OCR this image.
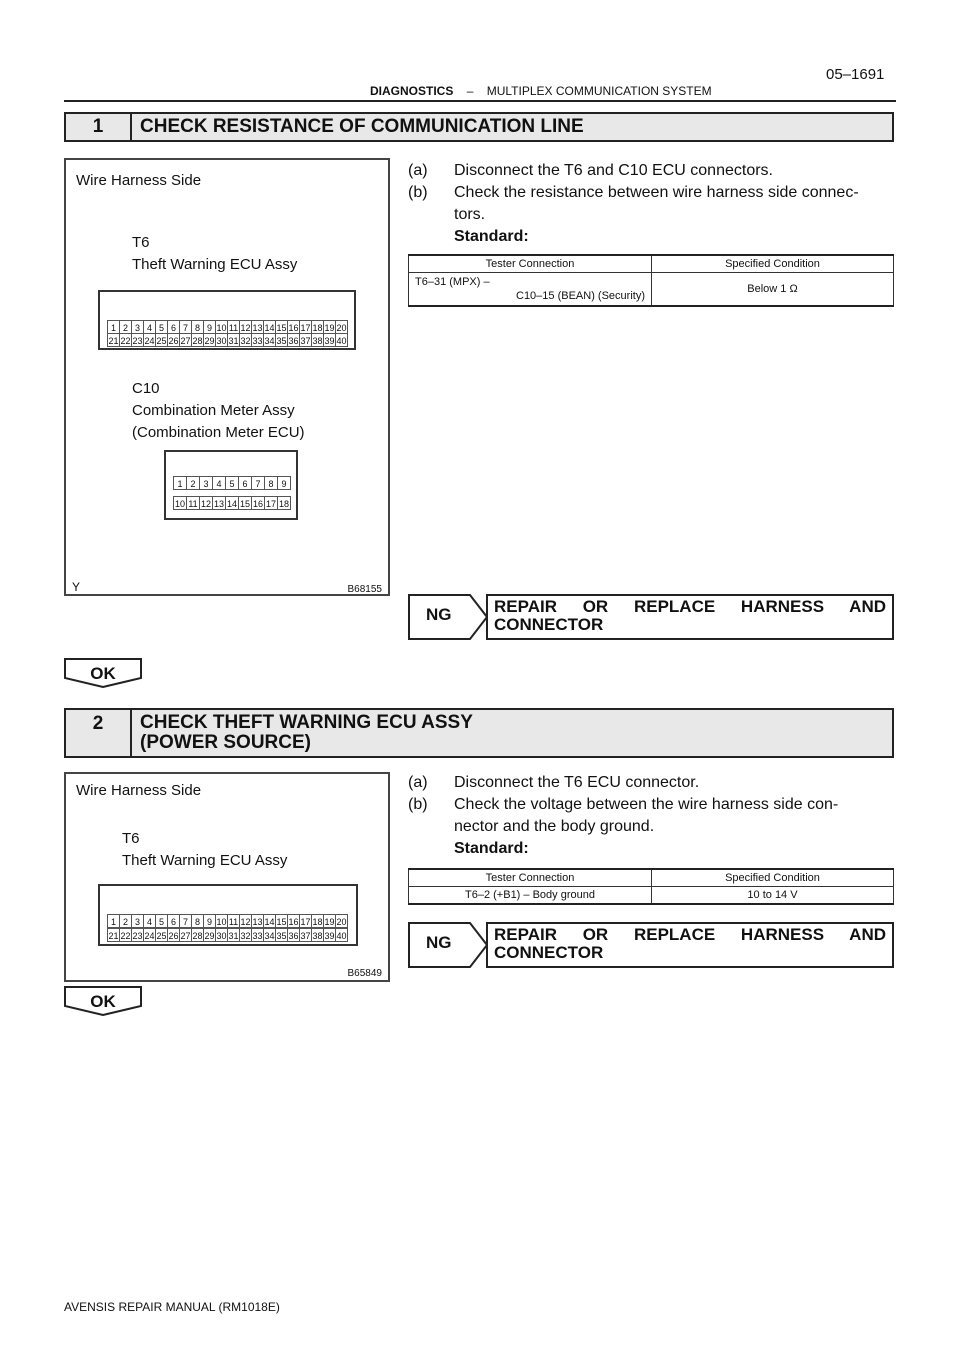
05–1691
DIAGNOSTICS – MULTIPLEX COMMUNICATION SYSTEM
1	CHECK RESISTANCE OF COMMUNICATION LINE
Wire Harness Side
T6
Theft Warning ECU Assy
1 2 3 4 5 6 7 8 9 10 11 12 13 14 15 16 17 18 19 20
21 22 23 24 25 26 27 28 29 30 31 32 33 34 35 36 37 38 39 40
C10
Combination Meter Assy
(Combination Meter ECU)
1 2 3 4 5 6 7 8 9
10 11 12 13 14 15 16 17 18
Y	B68155
(a) Disconnect the T6 and C10 ECU connectors.
(b) Check the resistance between wire harness side connec-
tors.
Standard:
Tester Connection	Specified Condition

T6–31 (MPX) –
C10–15 (BEAN) (Security)	Below 1 Ω
NG	REPAIR OR REPLACE HARNESS AND
CONNECTOR
OK
2	CHECK THEFT WARNING ECU ASSY
(POWER SOURCE)
Wire Harness Side
T6
Theft Warning ECU Assy
1 2 3 4 5 6 7 8 9 10 11 12 13 14 15 16 17 18 19 20
21 22 23 24 25 26 27 28 29 30 31 32 33 34 35 36 37 38 39 40
B65849
(a) Disconnect the T6 ECU connector.
(b) Check the voltage between the wire harness side con-
nector and the body ground.
Standard:
Tester Connection	Specified Condition
T6–2 (+B1) – Body ground	10 to 14 V
NG	REPAIR OR REPLACE HARNESS AND
CONNECTOR
OK
AVENSIS REPAIR MANUAL (RM1018E)
